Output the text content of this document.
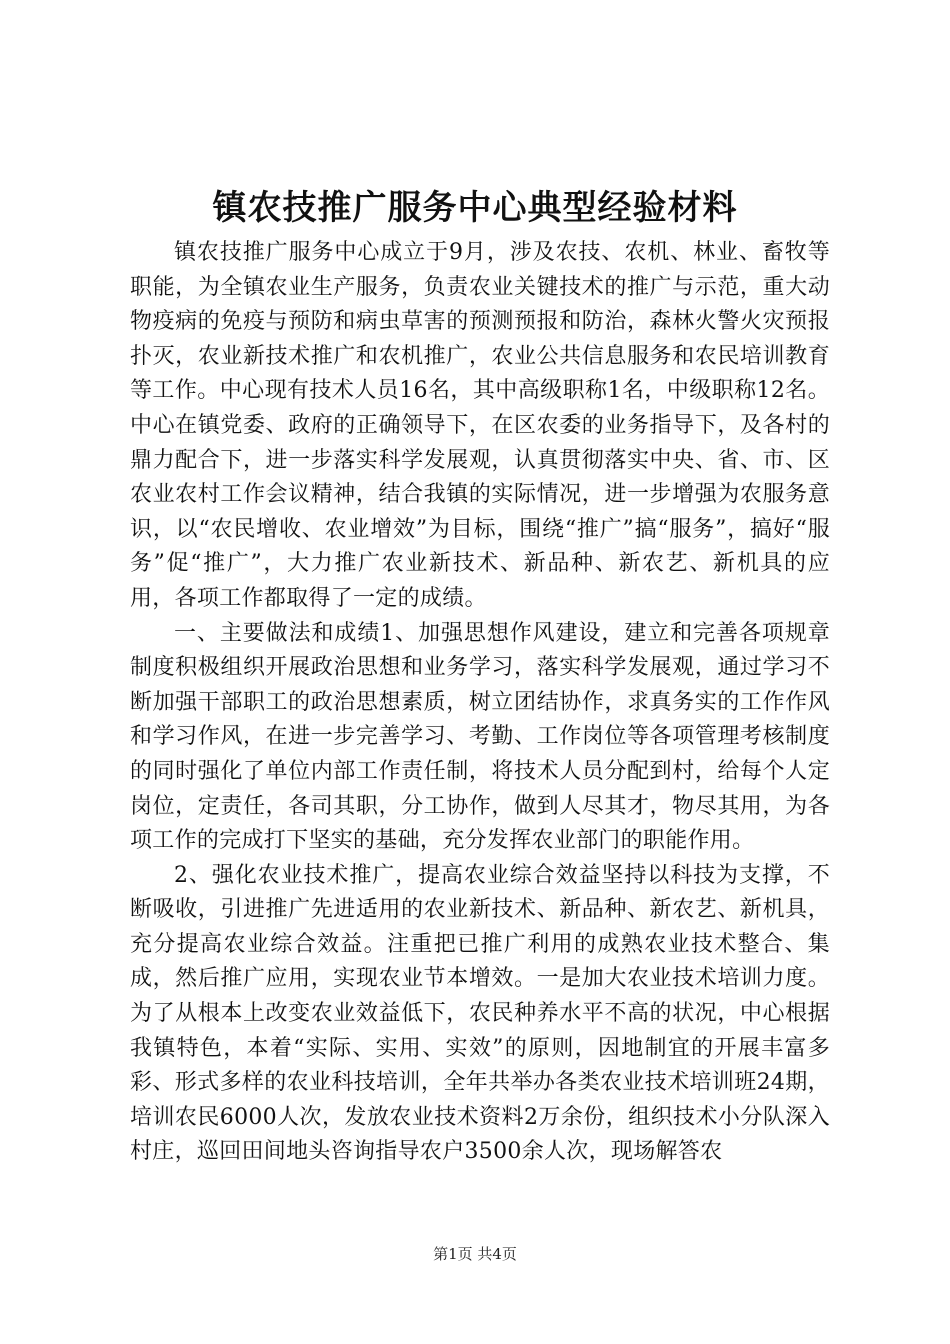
镇农技推广服务中心典型经验材料

镇农技推广服务中心成立于9月，涉及农技、农机、林业、畜牧等职能，为全镇农业生产服务，负责农业关键技术的推广与示范，重大动物疫病的免疫与预防和病虫草害的预测预报和防治，森林火警火灾预报扑灭，农业新技术推广和农机推广，农业公共信息服务和农民培训教育等工作。中心现有技术人员16名，其中高级职称1名，中级职称12名。中心在镇党委、政府的正确领导下，在区农委的业务指导下，及各村的鼎力配合下，进一步落实科学发展观，认真贯彻落实中央、省、市、区农业农村工作会议精神，结合我镇的实际情况，进一步增强为农服务意识，以“农民增收、农业增效”为目标，围绕“推广”搞“服务”，搞好“服务”促“推广”，大力推广农业新技术、新品种、新农艺、新机具的应用，各项工作都取得了一定的成绩。

一、主要做法和成绩1、加强思想作风建设，建立和完善各项规章制度积极组织开展政治思想和业务学习，落实科学发展观，通过学习不断加强干部职工的政治思想素质，树立团结协作，求真务实的工作作风和学习作风，在进一步完善学习、考勤、工作岗位等各项管理考核制度的同时强化了单位内部工作责任制，将技术人员分配到村，给每个人定岗位，定责任，各司其职，分工协作，做到人尽其才，物尽其用，为各项工作的完成打下坚实的基础，充分发挥农业部门的职能作用。

2、强化农业技术推广，提高农业综合效益坚持以科技为支撑，不断吸收，引进推广先进适用的农业新技术、新品种、新农艺、新机具，充分提高农业综合效益。注重把已推广利用的成熟农业技术整合、集成，然后推广应用，实现农业节本增效。一是加大农业技术培训力度。为了从根本上改变农业效益低下，农民种养水平不高的状况，中心根据我镇特色，本着“实际、实用、实效”的原则，因地制宜的开展丰富多彩、形式多样的农业科技培训，全年共举办各类农业技术培训班24期，培训农民6000人次，发放农业技术资料2万余份，组织技术小分队深入村庄，巡回田间地头咨询指导农户3500余人次，现场解答农

第1页 共4页
